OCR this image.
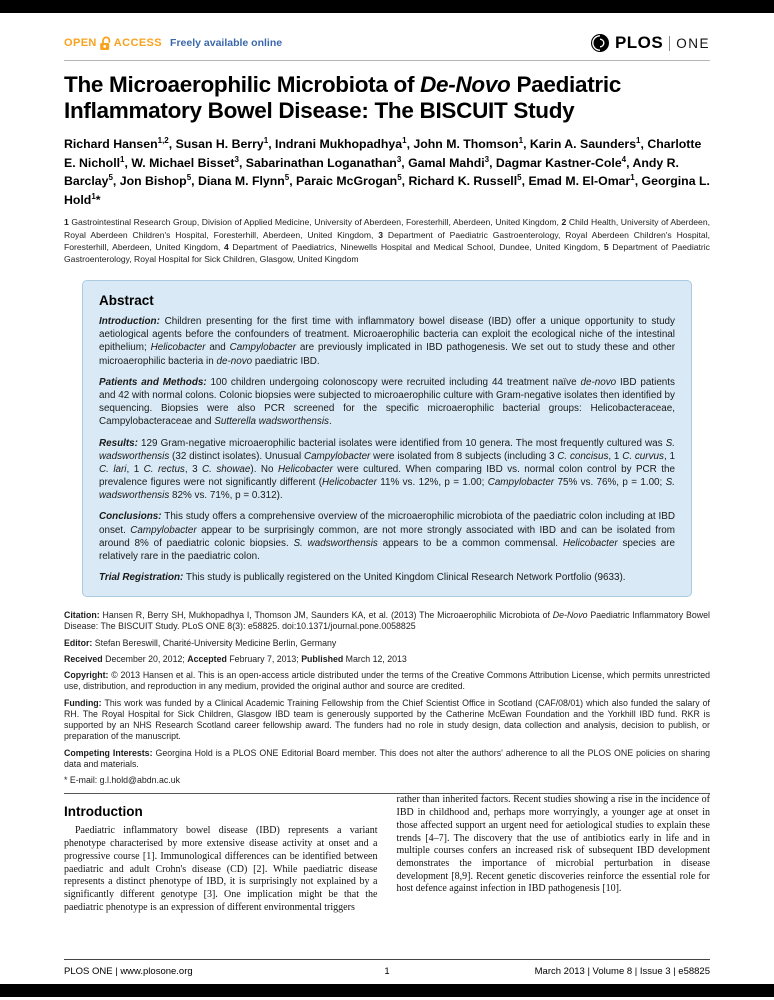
OPEN ACCESS Freely available online	PLOS ONE
The Microaerophilic Microbiota of De-Novo Paediatric Inflammatory Bowel Disease: The BISCUIT Study

Richard Hansen$^{1,2}$, Susan H. Berry$^1$, Indrani Mukhopadhya$^1$, John M. Thomson$^1$, Karin A. Saunders$^1$, Charlotte E. Nicholl$^1$, W. Michael Bisset$^3$, Sabarinathan Loganathan$^3$, Gamal Mahdi$^3$, Dagmar Kastner-Cole$^4$, Andy R. Barclay$^5$, Jon Bishop$^5$, Diana M. Flynn$^5$, Paraic McGrogan$^5$, Richard K. Russell$^5$, Emad M. El-Omar$^1$, Georgina L. Hold$^1$*

1 Gastrointestinal Research Group, Division of Applied Medicine, University of Aberdeen, Foresterhill, Aberdeen, United Kingdom, 2 Child Health, University of Aberdeen, Royal Aberdeen Children's Hospital, Foresterhill, Aberdeen, United Kingdom, 3 Department of Paediatric Gastroenterology, Royal Aberdeen Children's Hospital, Foresterhill, Aberdeen, United Kingdom, 4 Department of Paediatrics, Ninewells Hospital and Medical School, Dundee, United Kingdom, 5 Department of Paediatric Gastroenterology, Royal Hospital for Sick Children, Glasgow, United Kingdom

Abstract

Introduction: Children presenting for the first time with inflammatory bowel disease (IBD) offer a unique opportunity to study aetiological agents before the confounders of treatment. Microaerophilic bacteria can exploit the ecological niche of the intestinal epithelium; Helicobacter and Campylobacter are previously implicated in IBD pathogenesis. We set out to study these and other microaerophilic bacteria in de-novo paediatric IBD.

Patients and Methods: 100 children undergoing colonoscopy were recruited including 44 treatment naïve de-novo IBD patients and 42 with normal colons. Colonic biopsies were subjected to microaerophilic culture with Gram-negative isolates then identified by sequencing. Biopsies were also PCR screened for the specific microaerophilic bacterial groups: Helicobacteraceae, Campylobacteraceae and Sutterella wadsworthensis.

Results: 129 Gram-negative microaerophilic bacterial isolates were identified from 10 genera. The most frequently cultured was S. wadsworthensis (32 distinct isolates). Unusual Campylobacter were isolated from 8 subjects (including 3 C. concisus, 1 C. curvus, 1 C. lari, 1 C. rectus, 3 C. showae). No Helicobacter were cultured. When comparing IBD vs. normal colon control by PCR the prevalence figures were not significantly different (Helicobacter 11% vs. 12%, p = 1.00; Campylobacter 75% vs. 76%, p = 1.00; S. wadsworthensis 82% vs. 71%, p = 0.312).

Conclusions: This study offers a comprehensive overview of the microaerophilic microbiota of the paediatric colon including at IBD onset. Campylobacter appear to be surprisingly common, are not more strongly associated with IBD and can be isolated from around 8% of paediatric colonic biopsies. S. wadsworthensis appears to be a common commensal. Helicobacter species are relatively rare in the paediatric colon.

Trial Registration: This study is publically registered on the United Kingdom Clinical Research Network Portfolio (9633).

Citation: Hansen R, Berry SH, Mukhopadhya I, Thomson JM, Saunders KA, et al. (2013) The Microaerophilic Microbiota of De-Novo Paediatric Inflammatory Bowel Disease: The BISCUIT Study. PLoS ONE 8(3): e58825. doi:10.1371/journal.pone.0058825

Editor: Stefan Bereswill, Charité-University Medicine Berlin, Germany

Received December 20, 2012; Accepted February 7, 2013; Published March 12, 2013

Copyright: © 2013 Hansen et al. This is an open-access article distributed under the terms of the Creative Commons Attribution License, which permits unrestricted use, distribution, and reproduction in any medium, provided the original author and source are credited.

Funding: This work was funded by a Clinical Academic Training Fellowship from the Chief Scientist Office in Scotland (CAF/08/01) which also funded the salary of RH. The Royal Hospital for Sick Children, Glasgow IBD team is generously supported by the Catherine McEwan Foundation and the Yorkhill IBD fund. RKR is supported by an NHS Research Scotland career fellowship award. The funders had no role in study design, data collection and analysis, decision to publish, or preparation of the manuscript.

Competing Interests: Georgina Hold is a PLOS ONE Editorial Board member. This does not alter the authors' adherence to all the PLOS ONE policies on sharing data and materials.

* E-mail: g.l.hold@abdn.ac.uk

Introduction

Paediatric inflammatory bowel disease (IBD) represents a variant phenotype characterised by more extensive disease activity at onset and a progressive course [1]. Immunological differences can be identified between paediatric and adult Crohn's disease (CD) [2]. While paediatric disease represents a distinct phenotype of IBD, it is surprisingly not explained by a significantly different genotype [3]. One implication might be that the paediatric phenotype is an expression of different environmental triggers

rather than inherited factors. Recent studies showing a rise in the incidence of IBD in childhood and, perhaps more worryingly, a younger age at onset in those affected support an urgent need for aetiological studies to explain these trends [4–7]. The discovery that the use of antibiotics early in life and in multiple courses confers an increased risk of subsequent IBD development demonstrates the importance of microbial perturbation in disease development [8,9]. Recent genetic discoveries reinforce the essential role for host defence against infection in IBD pathogenesis [10].

PLOS ONE | www.plosone.org	1	March 2013 | Volume 8 | Issue 3 | e58825
